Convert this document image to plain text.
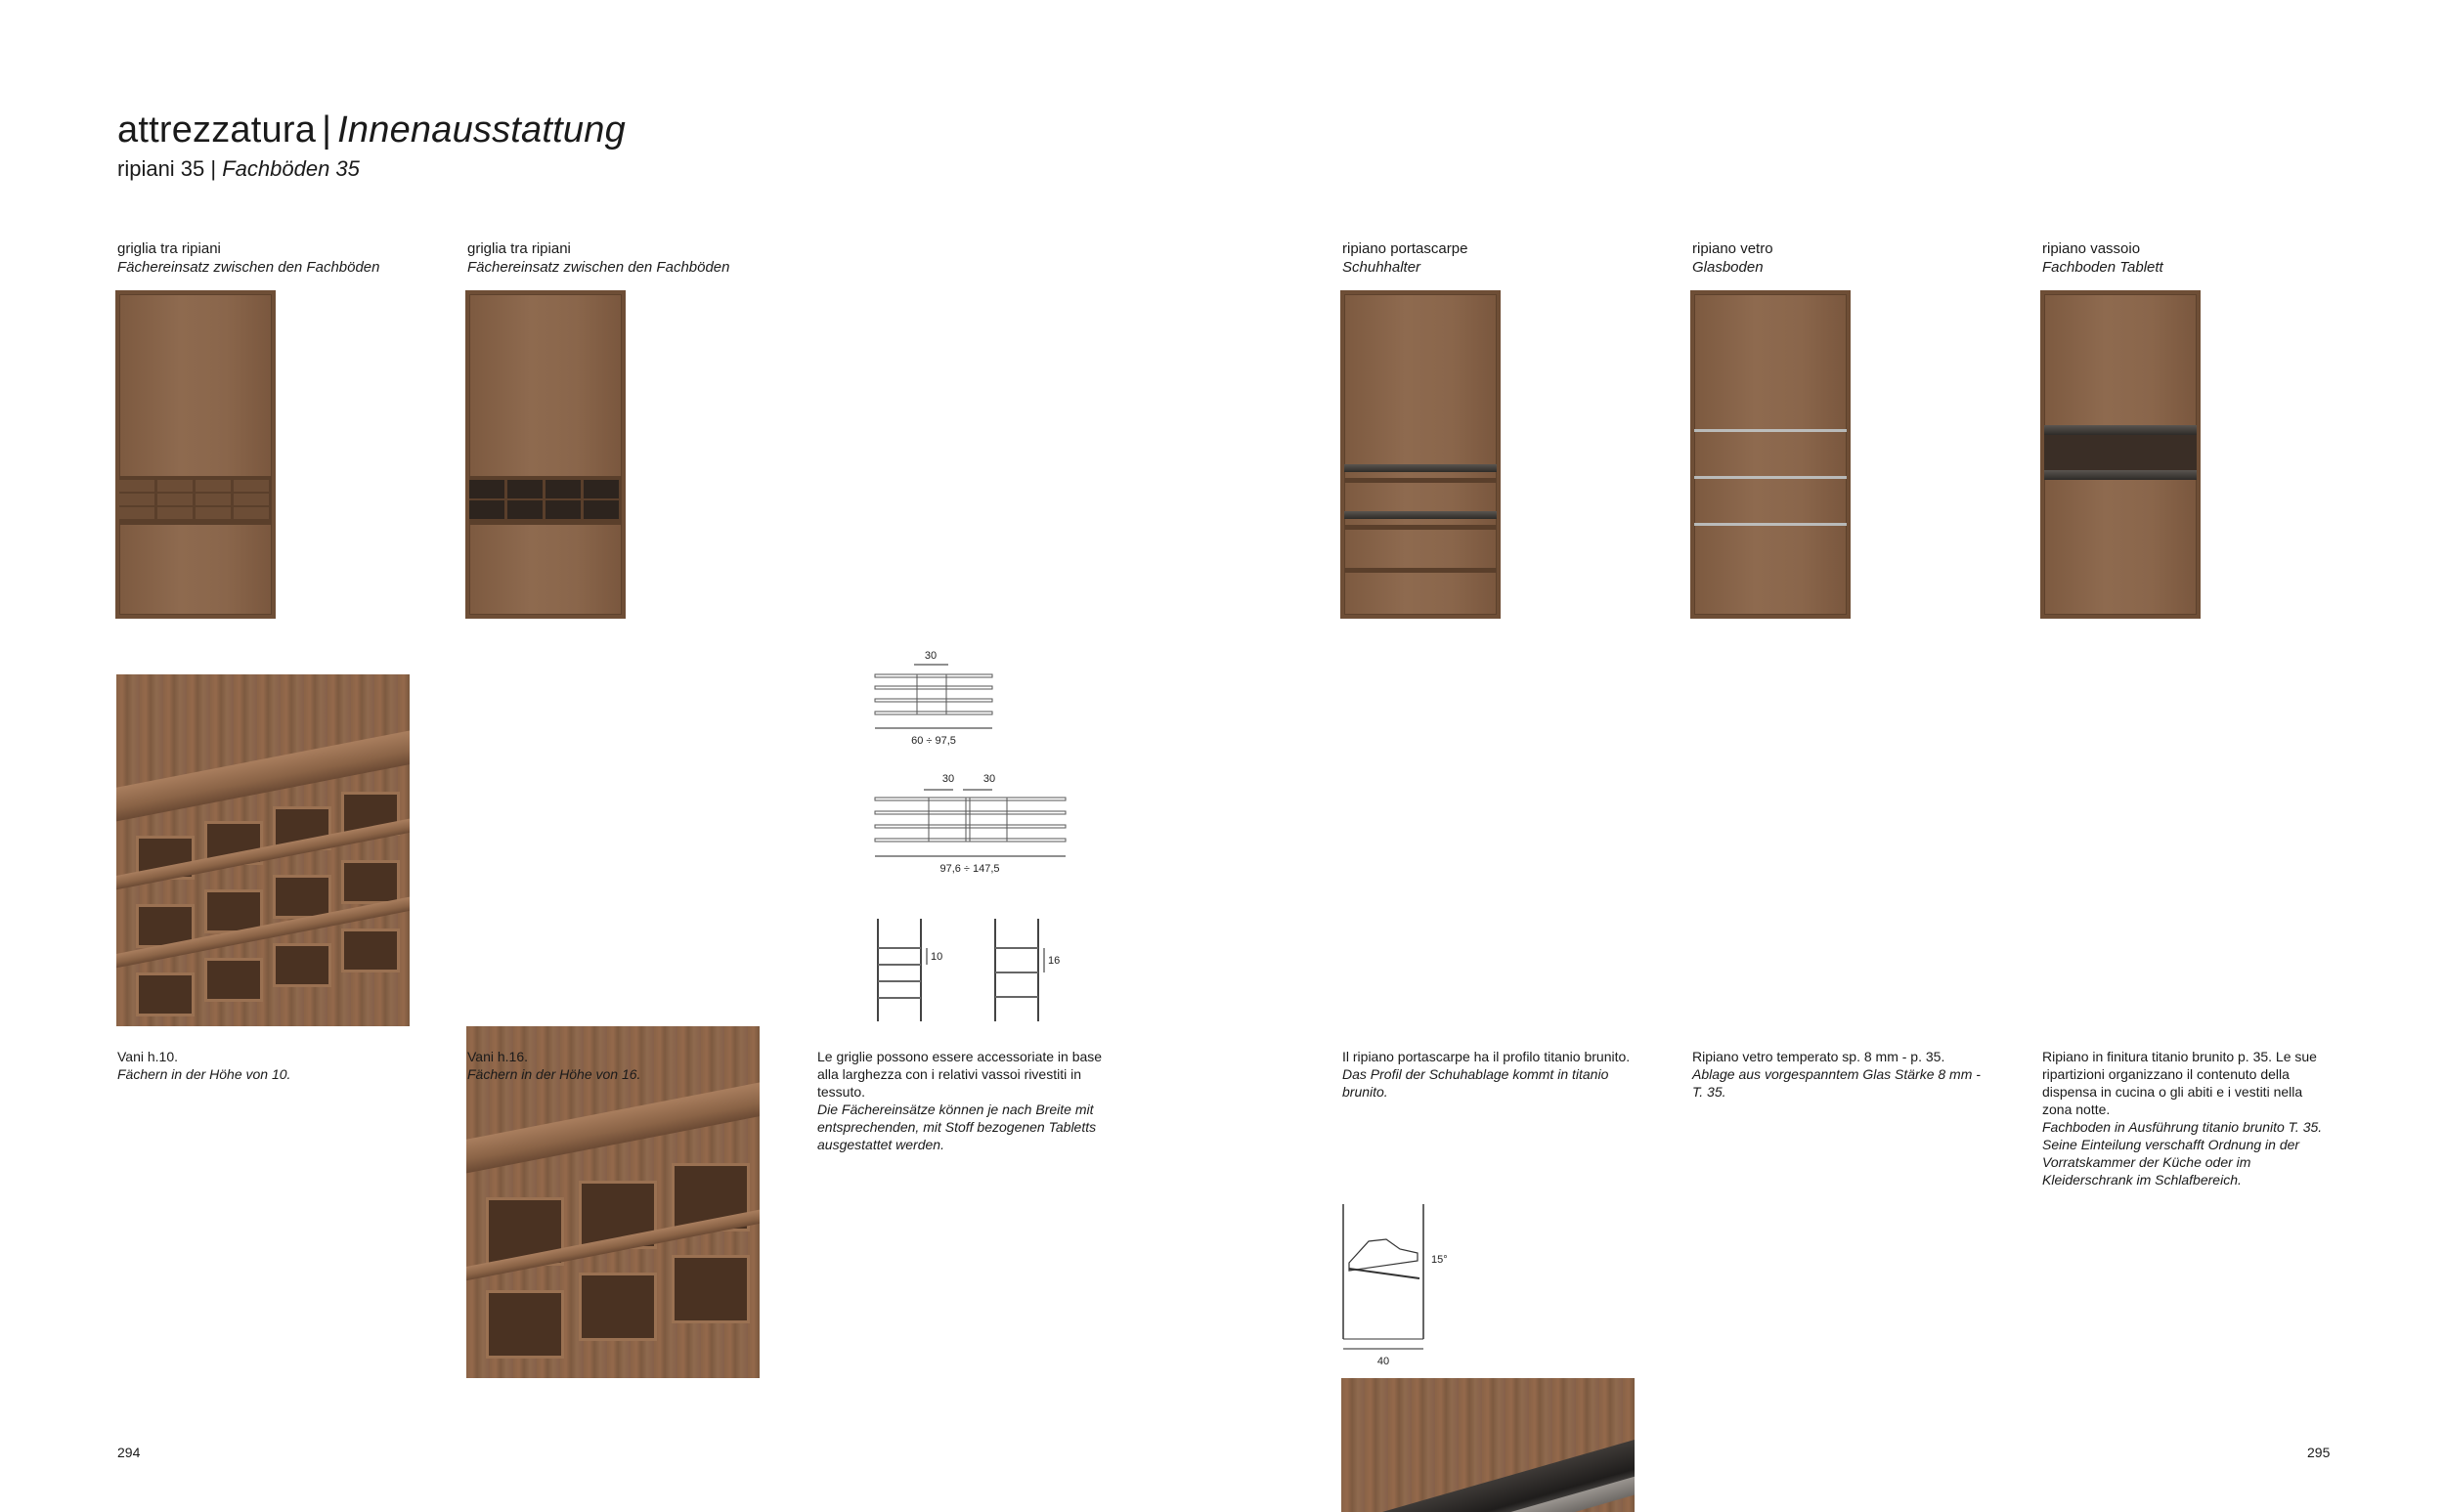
attrezzatura | Innenausstattung
ripiani 35 | Fachböden 35
griglia tra ripiani
Fächereinsatz zwischen den Fachböden
griglia tra ripiani
Fächereinsatz zwischen den Fachböden
ripiano portascarpe
Schuhhalter
ripiano vetro
Glasboden
ripiano vassoio
Fachboden Tablett
30
60 ÷ 97,5
30	30
97,6 ÷ 147,5
10	16
Vani h.10.
Fächern in der Höhe von 10.
Vani h.16.
Fächern in der Höhe von 16.
Le griglie possono essere accessoriate in base alla larghezza con i relativi vassoi rivestiti in tessuto.
Die Fächereinsätze können je nach Breite mit entsprechenden, mit Stoff bezogenen Tabletts ausgestattet werden.
Il ripiano portascarpe ha il profilo titanio brunito.
Das Profil der Schuhablage kommt in titanio brunito.
Ripiano vetro temperato sp. 8 mm - p. 35.
Ablage aus vorgespanntem Glas Stärke 8 mm - T. 35.
Ripiano in finitura titanio brunito p. 35. Le sue ripartizioni organizzano il contenuto della dispensa in cucina o gli abiti e i vestiti nella zona notte.
Fachboden in Ausführung titanio brunito T. 35. Seine Einteilung verschafft Ordnung in der Vorratskammer der Küche oder im Kleiderschrank im Schlafbereich.
15°
40
294	295
